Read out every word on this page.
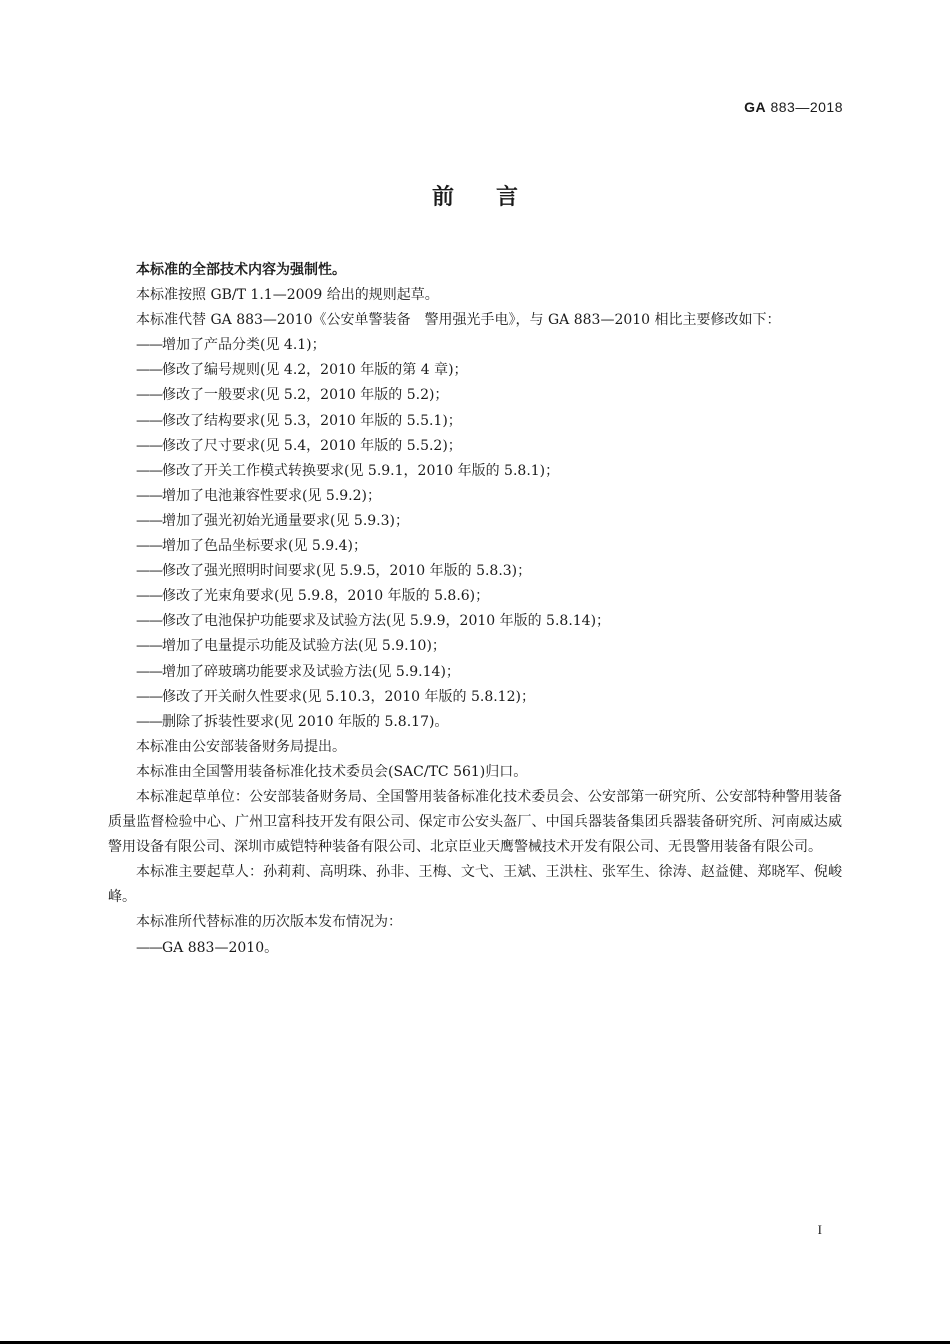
GA 883—2018
前言

本标准的全部技术内容为强制性。

本标准按照 GB/T 1.1—2009 给出的规则起草。

本标准代替 GA 883—2010《公安单警装备　警用强光手电》，与 GA 883—2010 相比主要修改如下：

——增加了产品分类(见 4.1)；

——修改了编号规则(见 4.2，2010 年版的第 4 章)；

——修改了一般要求(见 5.2，2010 年版的 5.2)；

——修改了结构要求(见 5.3，2010 年版的 5.5.1)；

——修改了尺寸要求(见 5.4，2010 年版的 5.5.2)；

——修改了开关工作模式转换要求(见 5.9.1，2010 年版的 5.8.1)；

——增加了电池兼容性要求(见 5.9.2)；

——增加了强光初始光通量要求(见 5.9.3)；

——增加了色品坐标要求(见 5.9.4)；

——修改了强光照明时间要求(见 5.9.5，2010 年版的 5.8.3)；

——修改了光束角要求(见 5.9.8，2010 年版的 5.8.6)；

——修改了电池保护功能要求及试验方法(见 5.9.9，2010 年版的 5.8.14)；

——增加了电量提示功能及试验方法(见 5.9.10)；

——增加了碎玻璃功能要求及试验方法(见 5.9.14)；

——修改了开关耐久性要求(见 5.10.3，2010 年版的 5.8.12)；

——删除了拆装性要求(见 2010 年版的 5.8.17)。

本标准由公安部装备财务局提出。

本标准由全国警用装备标准化技术委员会(SAC/TC 561)归口。

本标准起草单位：公安部装备财务局、全国警用装备标准化技术委员会、公安部第一研究所、公安部特种警用装备质量监督检验中心、广州卫富科技开发有限公司、保定市公安头盔厂、中国兵器装备集团兵器装备研究所、河南威达威警用设备有限公司、深圳市威铠特种装备有限公司、北京臣业天鹰警械技术开发有限公司、无畏警用装备有限公司。

本标准主要起草人：孙莉莉、高明珠、孙非、王梅、文弋、王斌、王洪柱、张军生、徐涛、赵益健、郑晓军、倪峻峰。

本标准所代替标准的历次版本发布情况为：

——GA 883—2010。

I
